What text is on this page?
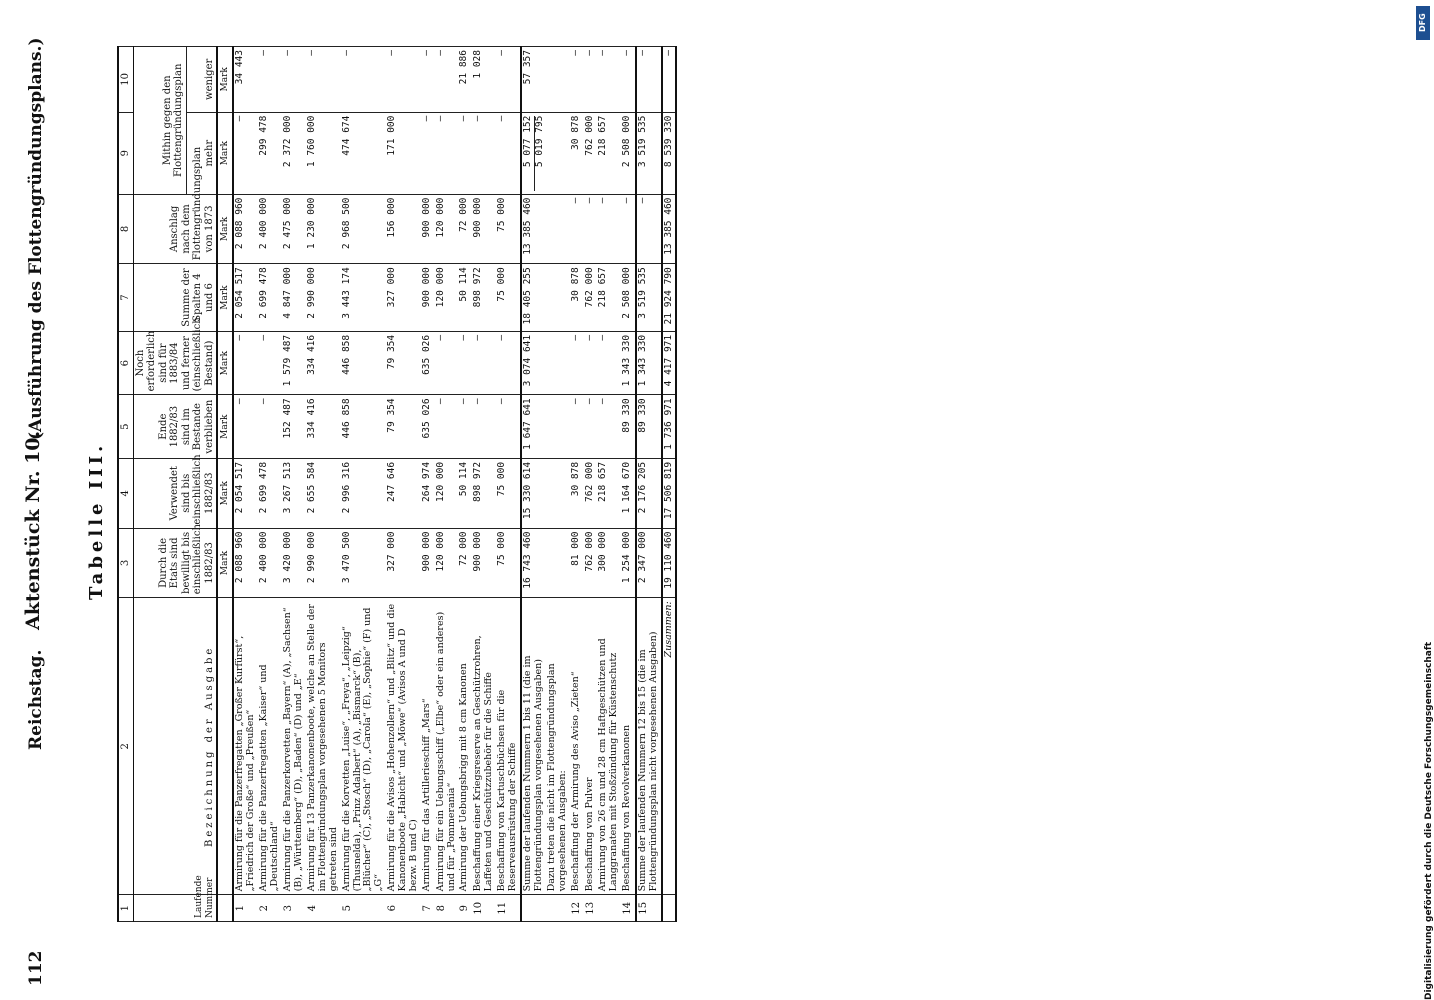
112
Reichstag.
Aktenstück Nr. 10.
(Ausführung des Flottengründungsplans.)
Tabelle III.
1	2	3	4	5	6	7	8	9	10
Laufende Nummer	Bezeichnung der Ausgabe	Durch die Etats sind bewilligt bis einschließlich 1882/83	Verwendet sind bis einschließlich 1882/83	Ende 1882/83 sind im Bestande verblieben	Noch erforderlich sind für 1883/84 und ferner (einschließlich Bestand)	Summe der Spalten 4 und 6	Anschlag nach dem Flottengründungsplan von 1873	Mithin gegen den Flottengründungsplan	
								mehr	weniger
		Mark	Mark	Mark	Mark	Mark	Mark	Mark	Mark
1	Armirung für die Panzerfregatten „Großer Kurfürst“, „Friedrich der Große“ und „Preußen“	2 088 960	2 054 517	—	—	2 054 517	2 088 960	—	34 443
2	Armirung für die Panzerfregatten „Kaiser“ und „Deutschland“	2 400 000	2 699 478	—	—	2 699 478	2 400 000	299 478	—
3	Armirung für die Panzerkorvetten „Bayern“ (A), „Sachsen“ (B), „Württemberg“ (D), „Baden“ (D) und „E“	3 420 000	3 267 513	152 487	1 579 487	4 847 000	2 475 000	2 372 000	—
4	Armirung für 13 Panzerkanonenboote, welche an Stelle der im Flottengründungsplan vorgesehenen 5 Monitors getreten sind	2 990 000	2 655 584	334 416	334 416	2 990 000	1 230 000	1 760 000	—
5	Armirung für die Korvetten „Luise“, „Freya“, „Leipzig“ (Thusnelda), „Prinz Adalbert“ (A), „Bismarck“ (B), „Blücher“ (C), „Stosch“ (D), „Carola“ (E), „Sophie“ (F) und „G“	3 470 500	2 996 316	446 858	446 858	3 443 174	2 968 500	474 674	—
6	Armirung für die Avisos „Hohenzollern“ und „Blitz“ und die Kanonenboote „Habicht“ und „Möwe“ (Avisos A und D bezw. B und C)	327 000	247 646	79 354	79 354	327 000	156 000	171 000	—
7	Armirung für das Artillerieschiff „Mars“	900 000	264 974	635 026	635 026	900 000	900 000	—	—
8	Armirung für ein Uebungsschiff („Elbe“ oder ein anderes) und für „Pommerania“	120 000	120 000	—	—	120 000	120 000	—	—
9	Armirung der Uebungsbrigg mit 8 cm Kanonen	72 000	50 114	—	—	50 114	72 000	—	21 886
10	Beschaffung einer Kriegsreserve an Geschützrohren, Laffeten und Geschützzubehör für die Schiffe	900 000	898 972	—	—	898 972	900 000	—	1 028
11	Beschaffung von Kartuschbüchsen für die Reserveausrüstung der Schiffe	75 000	75 000	—	—	75 000	75 000	—	—
	Summe der laufenden Nummern 1 bis 11 (die im Flottengründungsplan vorgesehenen Ausgaben)	16 743 460	15 330 614	1 647 641	3 074 641	18 405 255	13 385 460	5 077 152 5 019 795	57 357
	Dazu treten die nicht im Flottengründungsplan vorgesehenen Ausgaben:								
12	Beschaffung der Armirung des Aviso „Zieten“	81 000	30 878	—	—	30 878	—	30 878	—
13	Beschaffung von Pulver	762 000	762 000	—	—	762 000	—	762 000	—
	Armirung von 26 cm und 28 cm Haftgeschützen und Langgranaten mit Stoßzündung für Küstenschutz	300 000	218 657	—	—	218 657	—	218 657	—
14	Beschaffung von Revolverkanonen	1 254 000	1 164 670	89 330	1 343 330	2 508 000	—	2 508 000	—
15	Summe der laufenden Nummern 12 bis 15 (die im Flottengründungsplan nicht vorgesehenen Ausgaben)	2 347 000	2 176 205	89 330	1 343 330	3 519 535	—	3 519 535	—
	Zusammen:	19 110 460	17 506 819	1 736 971	4 417 971	21 924 790	13 385 460	8 539 330	—
Digitalisierung gefördert durch die Deutsche Forschungsgemeinschaft
DFG
